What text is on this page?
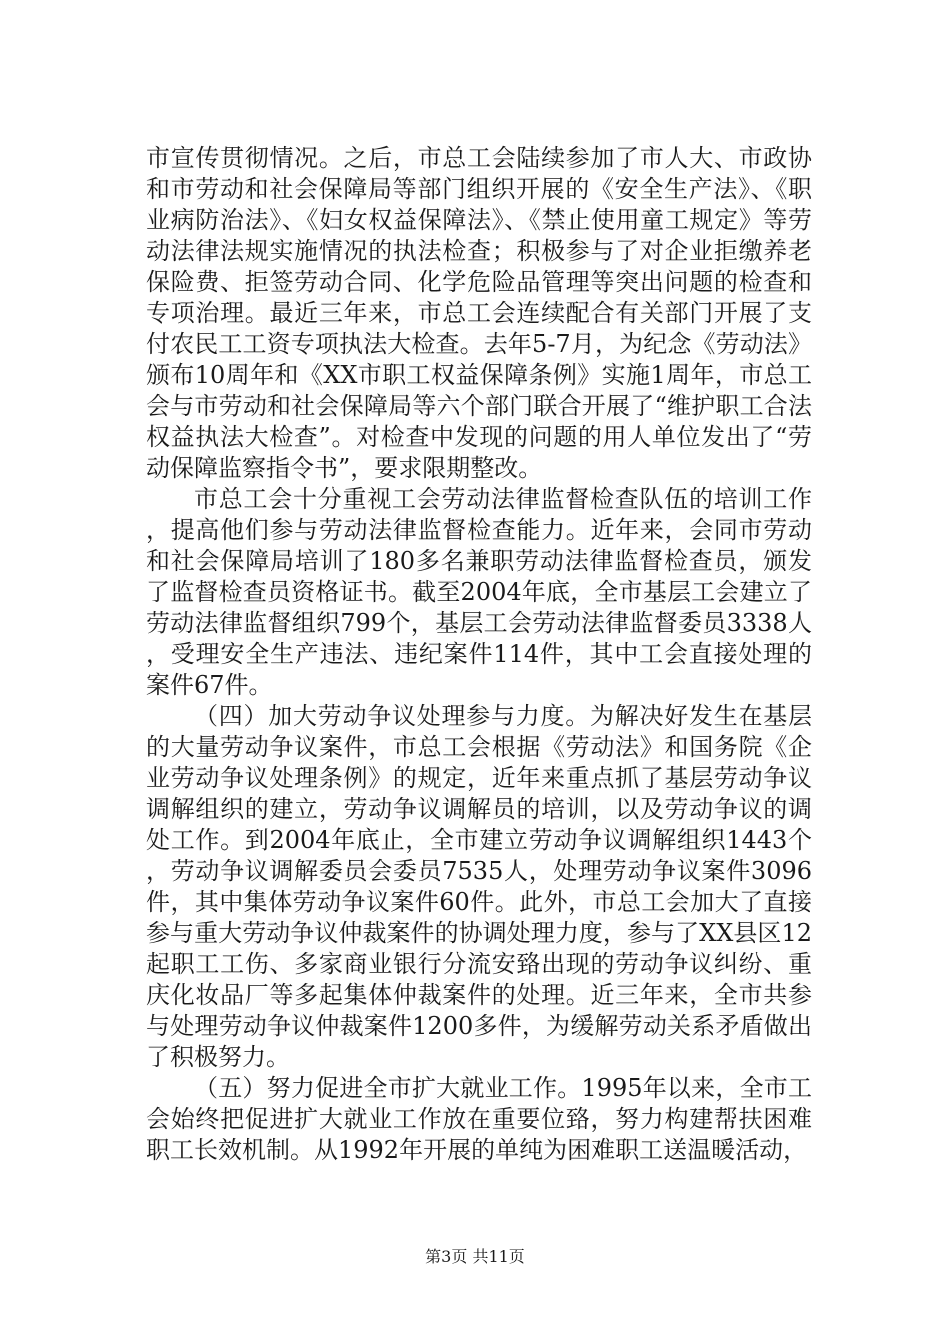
市宣传贯彻情况。之后，市总工会陆续参加了市人大、市政协和市劳动和社会保障局等部门组织开展的《安全生产法》、《职业病防治法》、《妇女权益保障法》、《禁止使用童工规定》等劳动法律法规实施情况的执法检查；积极参与了对企业拒缴养老保险费、拒签劳动合同、化学危险品管理等突出问题的检查和专项治理。最近三年来，市总工会连续配合有关部门开展了支付农民工工资专项执法大检查。去年5-7月，为纪念《劳动法》颁布10周年和《XX市职工权益保障条例》实施1周年，市总工会与市劳动和社会保障局等六个部门联合开展了“维护职工合法权益执法大检查”。对检查中发现的问题的用人单位发出了“劳动保障监察指令书”，要求限期整改。

市总工会十分重视工会劳动法律监督检查队伍的培训工作，提高他们参与劳动法律监督检查能力。近年来，会同市劳动和社会保障局培训了180多名兼职劳动法律监督检查员，颁发了监督检查员资格证书。截至2004年底，全市基层工会建立了劳动法律监督组织799个，基层工会劳动法律监督委员3338人，受理安全生产违法、违纪案件114件，其中工会直接处理的案件67件。

（四）加大劳动争议处理参与力度。为解决好发生在基层的大量劳动争议案件，市总工会根据《劳动法》和国务院《企业劳动争议处理条例》的规定，近年来重点抓了基层劳动争议调解组织的建立，劳动争议调解员的培训，以及劳动争议的调处工作。到2004年底止，全市建立劳动争议调解组织1443个，劳动争议调解委员会委员7535人，处理劳动争议案件3096件，其中集体劳动争议案件60件。此外，市总工会加大了直接参与重大劳动争议仲裁案件的协调处理力度，参与了XX县区12起职工工伤、多家商业银行分流安臵出现的劳动争议纠纷、重庆化妆品厂等多起集体仲裁案件的处理。近三年来，全市共参与处理劳动争议仲裁案件1200多件，为缓解劳动关系矛盾做出了积极努力。

（五）努力促进全市扩大就业工作。1995年以来，全市工会始终把促进扩大就业工作放在重要位臵，努力构建帮扶困难职工长效机制。从1992年开展的单纯为困难职工送温暖活动，

第3页 共11页
